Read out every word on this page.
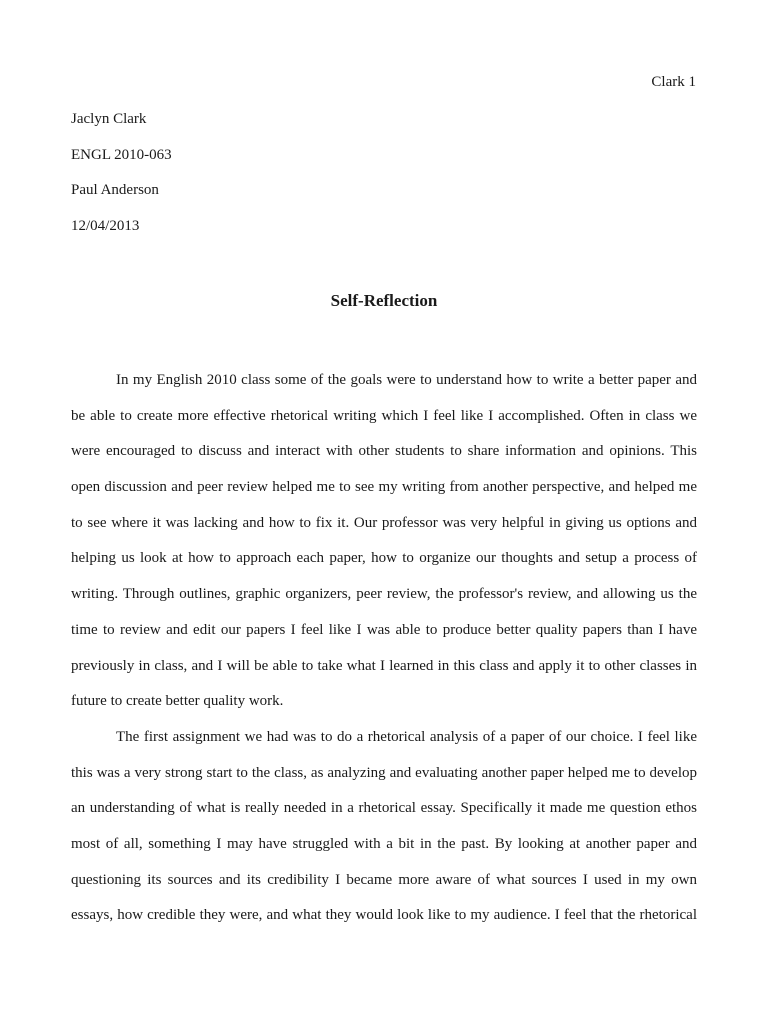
Clark 1
Jaclyn Clark
ENGL 2010-063
Paul Anderson
12/04/2013
Self-Reflection
In my English 2010 class some of the goals were to understand how to write a better paper and
be able to create more effective rhetorical writing which I feel like I accomplished. Often in class we
were encouraged to discuss and interact with other students to share information and opinions. This
open discussion and peer review helped me to see my writing from another perspective, and helped me
to see where it was lacking and how to fix it. Our professor was very helpful in giving us options and
helping us look at how to approach each paper, how to organize our thoughts and setup a process of
writing. Through outlines, graphic organizers, peer review, the professor's review, and allowing us the
time to review and edit our papers I feel like I was able to produce better quality papers than I have
previously in class, and I will be able to take what I learned in this class and apply it to other classes in
future to create better quality work.
The first assignment we had was to do a rhetorical analysis of a paper of our choice. I feel like
this was a very strong start to the class, as analyzing and evaluating another paper helped me to develop
an understanding of what is really needed in a rhetorical essay. Specifically it made me question ethos
most of all, something I may have struggled with a bit in the past. By looking at another paper and
questioning its sources and its credibility I became more aware of what sources I used in my own
essays, how credible they were, and what they would look like to my audience. I feel that the rhetorical
